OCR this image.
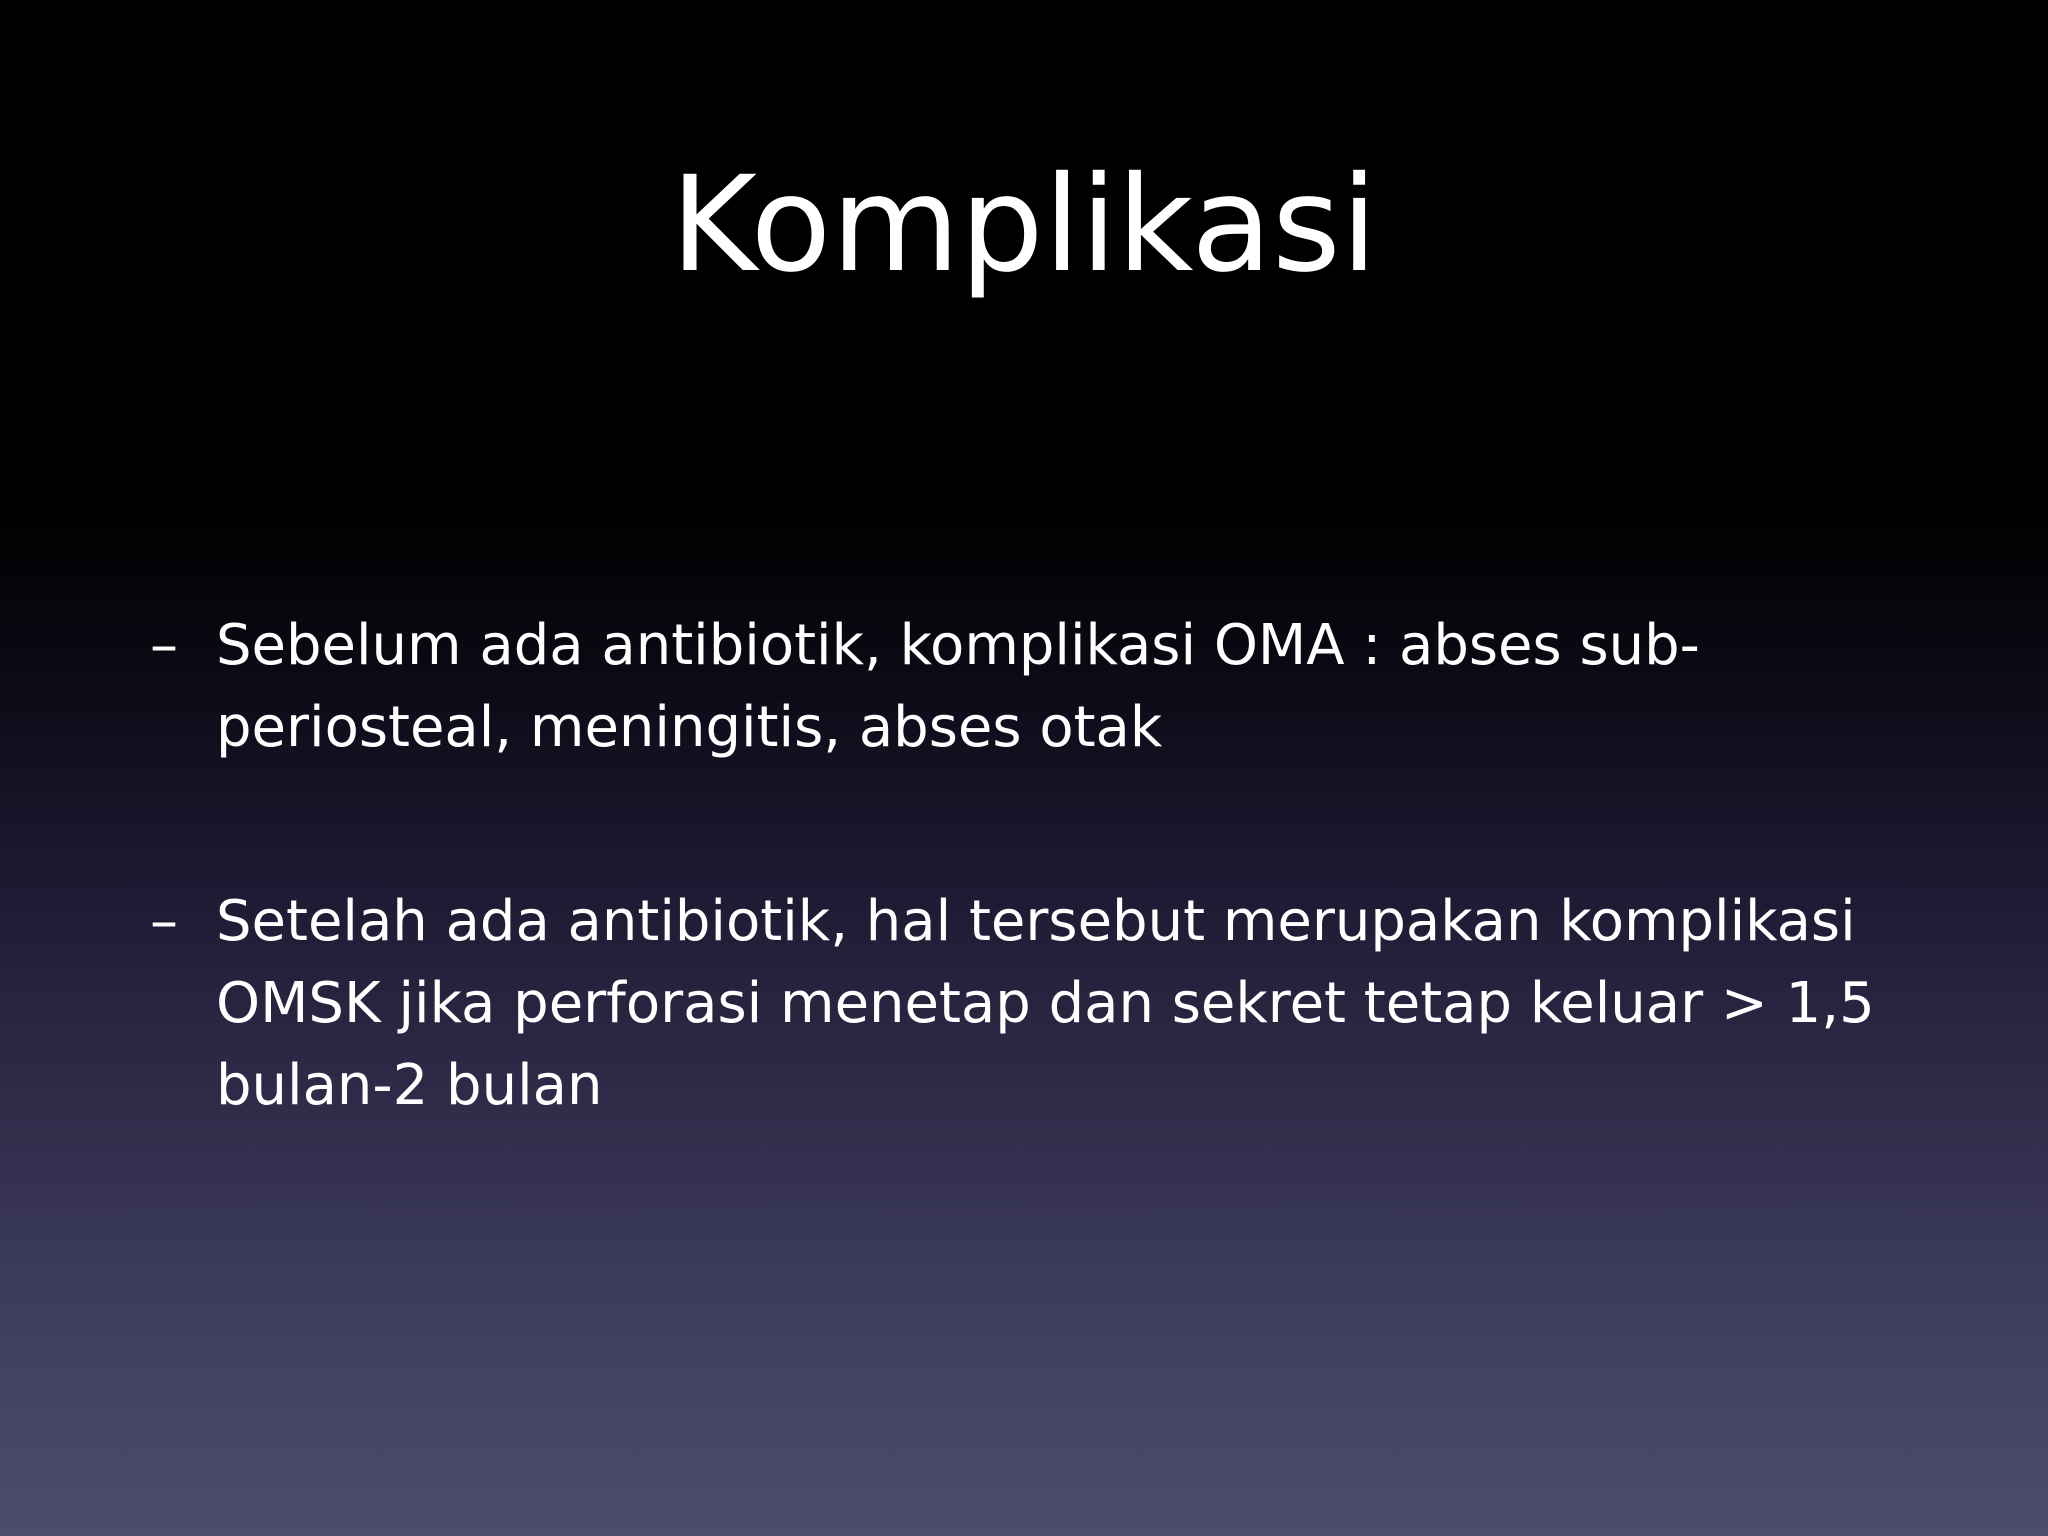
Komplikasi
– Sebelum ada antibiotik, komplikasi OMA : abses sub-periosteal, meningitis, abses otak
– Setelah ada antibiotik, hal tersebut merupakan komplikasi OMSK jika perforasi menetap dan sekret tetap keluar > 1,5 bulan-2 bulan
